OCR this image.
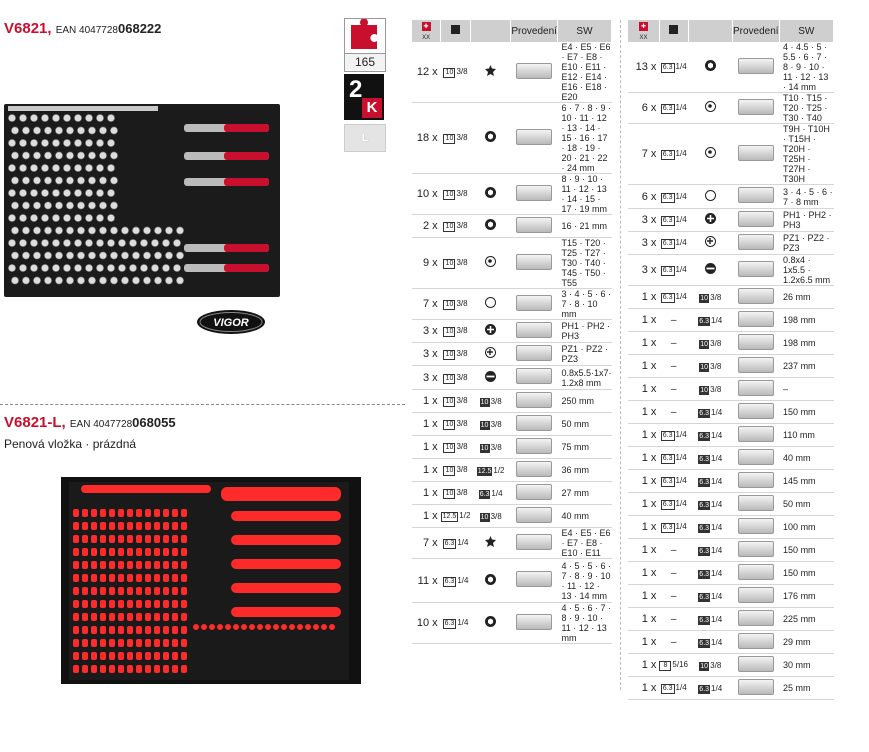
V6821, EAN 4047728068222
VIGOR
165
2
K
L
V6821-L, EAN 4047728068055
Penová vložka · prázdná
✚
XX			Provedení	SW
12 x	10 3/8			E4 · E5 · E6 · E7 · E8 · E10 · E11 · E12 · E14 · E16 · E18 · E20
18 x	10 3/8			6 · 7 · 8 · 9 · 10 · 11 · 12 · 13 · 14 · 15 · 16 · 17 · 18 · 19 · 20 · 21 · 22 · 24 mm
10 x	10 3/8			8 · 9 · 10 · 11 · 12 · 13 · 14 · 15 · 17 · 19 mm
2 x	10 3/8			16 · 21 mm
9 x	10 3/8			T15 · T20 · T25 · T27 · T30 · T40 · T45 · T50 · T55
7 x	10 3/8			3 · 4 · 5 · 6 · 7 · 8 · 10 mm
3 x	10 3/8			PH1 · PH2 · PH3
3 x	10 3/8			PZ1 · PZ2 · PZ3
3 x	10 3/8			0.8x5.5·1x7· 1.2x8 mm
1 x	10 3/8	10 3/8		250 mm
1 x	10 3/8	10 3/8		50 mm
1 x	10 3/8	10 3/8		75 mm
1 x	10 3/8	12.5 1/2		36 mm
1 x	10 3/8	6.3 1/4		27 mm
1 x	12.5 1/2	10 3/8		40 mm
7 x	6.3 1/4			E4 · E5 · E6 · E7 · E8 · E10 · E11
11 x	6.3 1/4			4 · 5 · 5 · 6 · 7 · 8 · 9 · 10 · 11 · 12 · 13 · 14 mm
10 x	6.3 1/4			4 · 5 · 6 · 7 · 8 · 9 · 10 · 11 · 12 · 13 mm
✚
XX			Provedení	SW
13 x	6.3 1/4			4 · 4.5 · 5 · 5.5 · 6 · 7 · 8 · 9 · 10 · 11 · 12 · 13 · 14 mm
6 x	6.3 1/4			T10 · T15 · T20 · T25 · T30 · T40
7 x	6.3 1/4			T9H · T10H · T15H · T20H · T25H · T27H · T30H
6 x	6.3 1/4			3 · 4 · 5 · 6 · 7 · 8 mm
3 x	6.3 1/4			PH1 · PH2 · PH3
3 x	6.3 1/4			PZ1 · PZ2 · PZ3
3 x	6.3 1/4			0.8x4 · 1x5.5 · 1.2x6.5 mm
1 x	6.3 1/4	10 3/8		26 mm
1 x	–	6.3 1/4		198 mm
1 x	–	10 3/8		198 mm
1 x	–	10 3/8		237 mm
1 x	–	10 3/8		–
1 x	–	6.3 1/4		150 mm
1 x	6.3 1/4	6.3 1/4		110 mm
1 x	6.3 1/4	6.3 1/4		40 mm
1 x	6.3 1/4	6.3 1/4		145 mm
1 x	6.3 1/4	6.3 1/4		50 mm
1 x	6.3 1/4	6.3 1/4		100 mm
1 x	–	6.3 1/4		150 mm
1 x	–	6.3 1/4		150 mm
1 x	–	6.3 1/4		176 mm
1 x	–	6.3 1/4		225 mm
1 x	–	6.3 1/4		29 mm
1 x	8 5/16	10 3/8		30 mm
1 x	6.3 1/4	6.3 1/4		25 mm
